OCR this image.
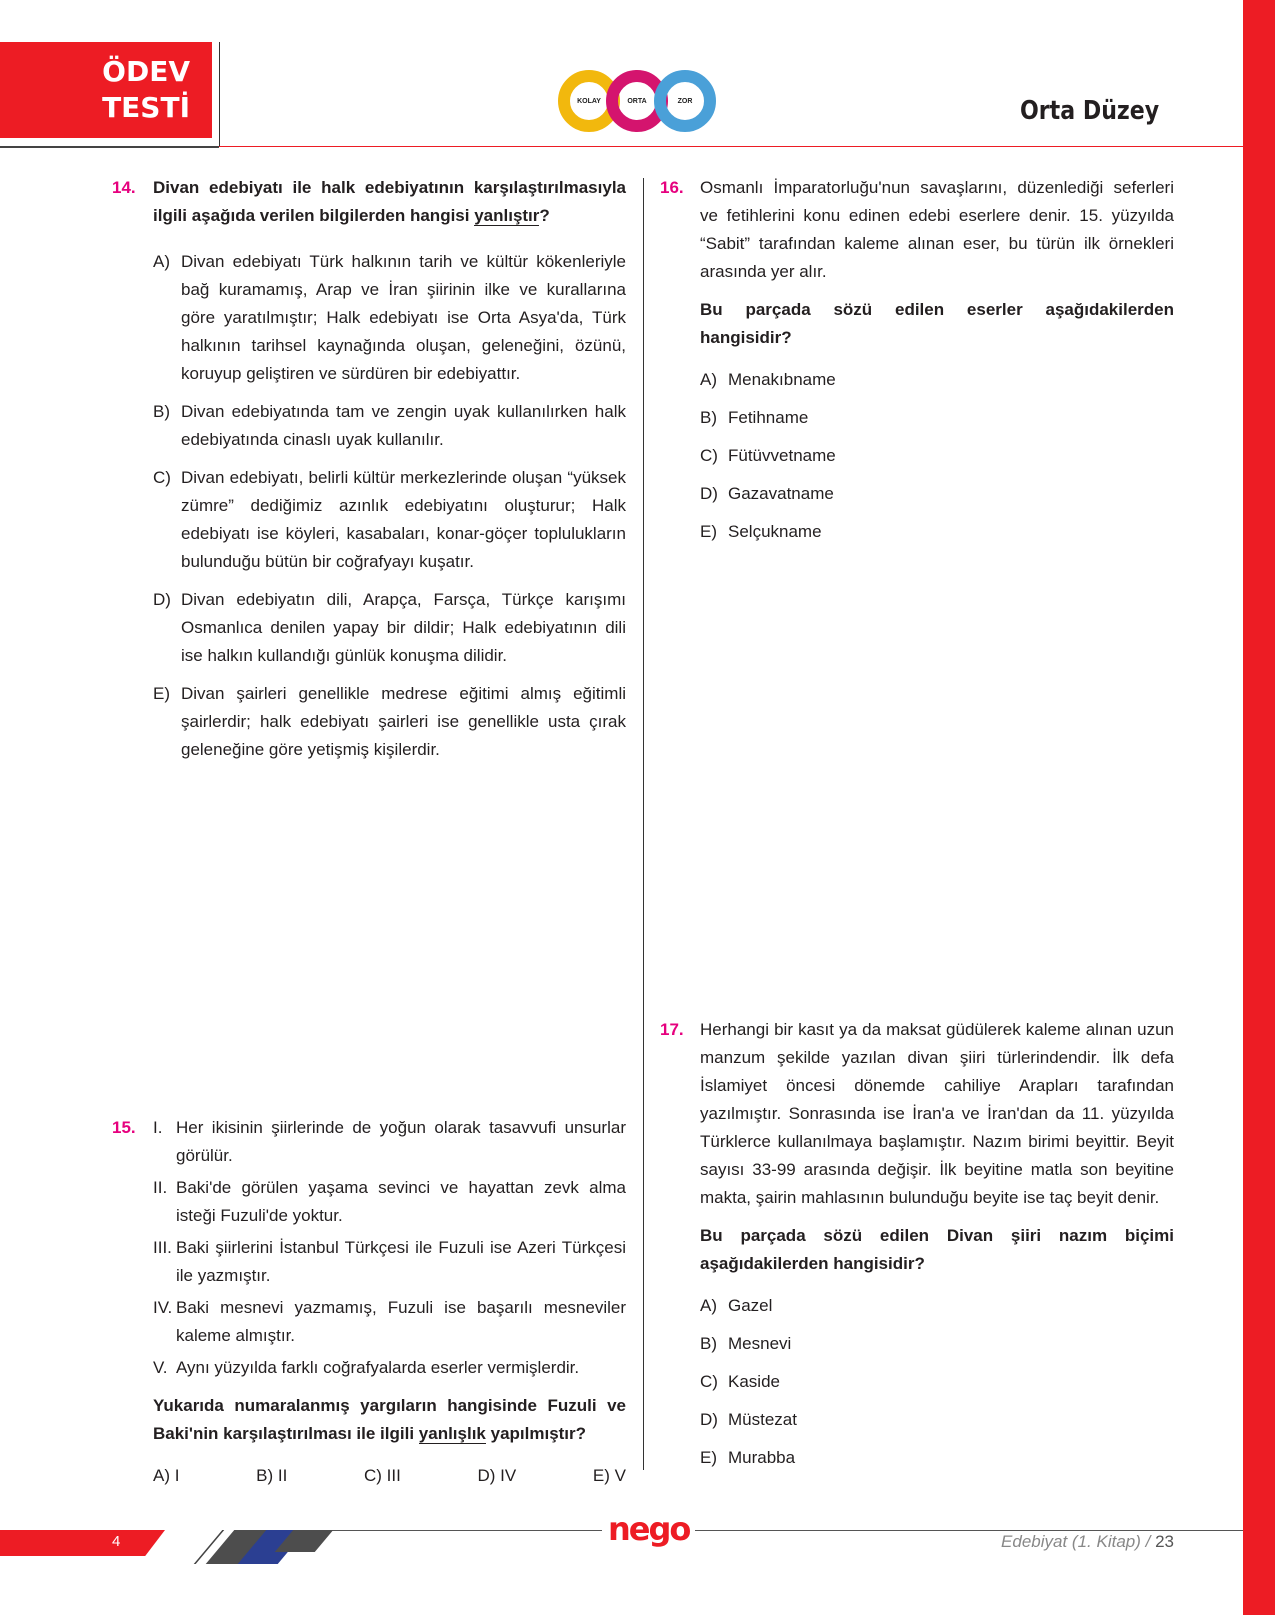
ÖDEV
TESTİ	KOLAY	ORTA	ZOR	Orta Düzey
14. Divan edebiyatı ile halk edebiyatının karşılaştırılmasıyla ilgili aşağıda verilen bilgilerden hangisi yanlıştır?
A) Divan edebiyatı Türk halkının tarih ve kültür kökenleriyle bağ kuramamış, Arap ve İran şiirinin ilke ve kurallarına göre yaratılmıştır; Halk edebiyatı ise Orta Asya'da, Türk halkının tarihsel kaynağında oluşan, geleneğini, özünü, koruyup geliştiren ve sürdüren bir edebiyattır.
B) Divan edebiyatında tam ve zengin uyak kullanılırken halk edebiyatında cinaslı uyak kullanılır.
C) Divan edebiyatı, belirli kültür merkezlerinde oluşan “yüksek zümre” dediğimiz azınlık edebiyatını oluşturur; Halk edebiyatı ise köyleri, kasabaları, konar-göçer toplulukların bulunduğu bütün bir coğrafyayı kuşatır.
D) Divan edebiyatın dili, Arapça, Farsça, Türkçe karışımı Osmanlıca denilen yapay bir dildir; Halk edebiyatının dili ise halkın kullandığı günlük konuşma dilidir.
E) Divan şairleri genellikle medrese eğitimi almış eğitimli şairlerdir; halk edebiyatı şairleri ise genellikle usta çırak geleneğine göre yetişmiş kişilerdir.
15. I. Her ikisinin şiirlerinde de yoğun olarak tasavvufi unsurlar görülür.
II. Baki'de görülen yaşama sevinci ve hayattan zevk alma isteği Fuzuli'de yoktur.
III. Baki şiirlerini İstanbul Türkçesi ile Fuzuli ise Azeri Türkçesi ile yazmıştır.
IV. Baki mesnevi yazmamış, Fuzuli ise başarılı mesneviler kaleme almıştır.
V. Aynı yüzyılda farklı coğrafyalarda eserler vermişlerdir.
Yukarıda numaralanmış yargıların hangisinde Fuzuli ve Baki'nin karşılaştırılması ile ilgili yanlışlık yapılmıştır?
A) I	B) II	C) III	D) IV	E) V
16. Osmanlı İmparatorluğu'nun savaşlarını, düzenlediği seferleri ve fetihlerini konu edinen edebi eserlere denir. 15. yüzyılda “Sabit” tarafından kaleme alınan eser, bu türün ilk örnekleri arasında yer alır.
Bu parçada sözü edilen eserler aşağıdakilerden hangisidir?
A) Menakıbname
B) Fetihname
C) Fütüvvetname
D) Gazavatname
E) Selçukname
17. Herhangi bir kasıt ya da maksat güdülerek kaleme alınan uzun manzum şekilde yazılan divan şiiri türlerindendir. İlk defa İslamiyet öncesi dönemde cahiliye Arapları tarafından yazılmıştır. Sonrasında ise İran'a ve İran'dan da 11. yüzyılda Türklerce kullanılmaya başlamıştır. Nazım birimi beyittir. Beyit sayısı 33-99 arasında değişir. İlk beyitine matla son beyitine makta, şairin mahlasının bulunduğu beyite ise taç beyit denir.
Bu parçada sözü edilen Divan şiiri nazım biçimi aşağıdakilerden hangisidir?
A) Gazel
B) Mesnevi
C) Kaside
D) Müstezat
E) Murabba
4	nego	Edebiyat (1. Kitap) / 23
